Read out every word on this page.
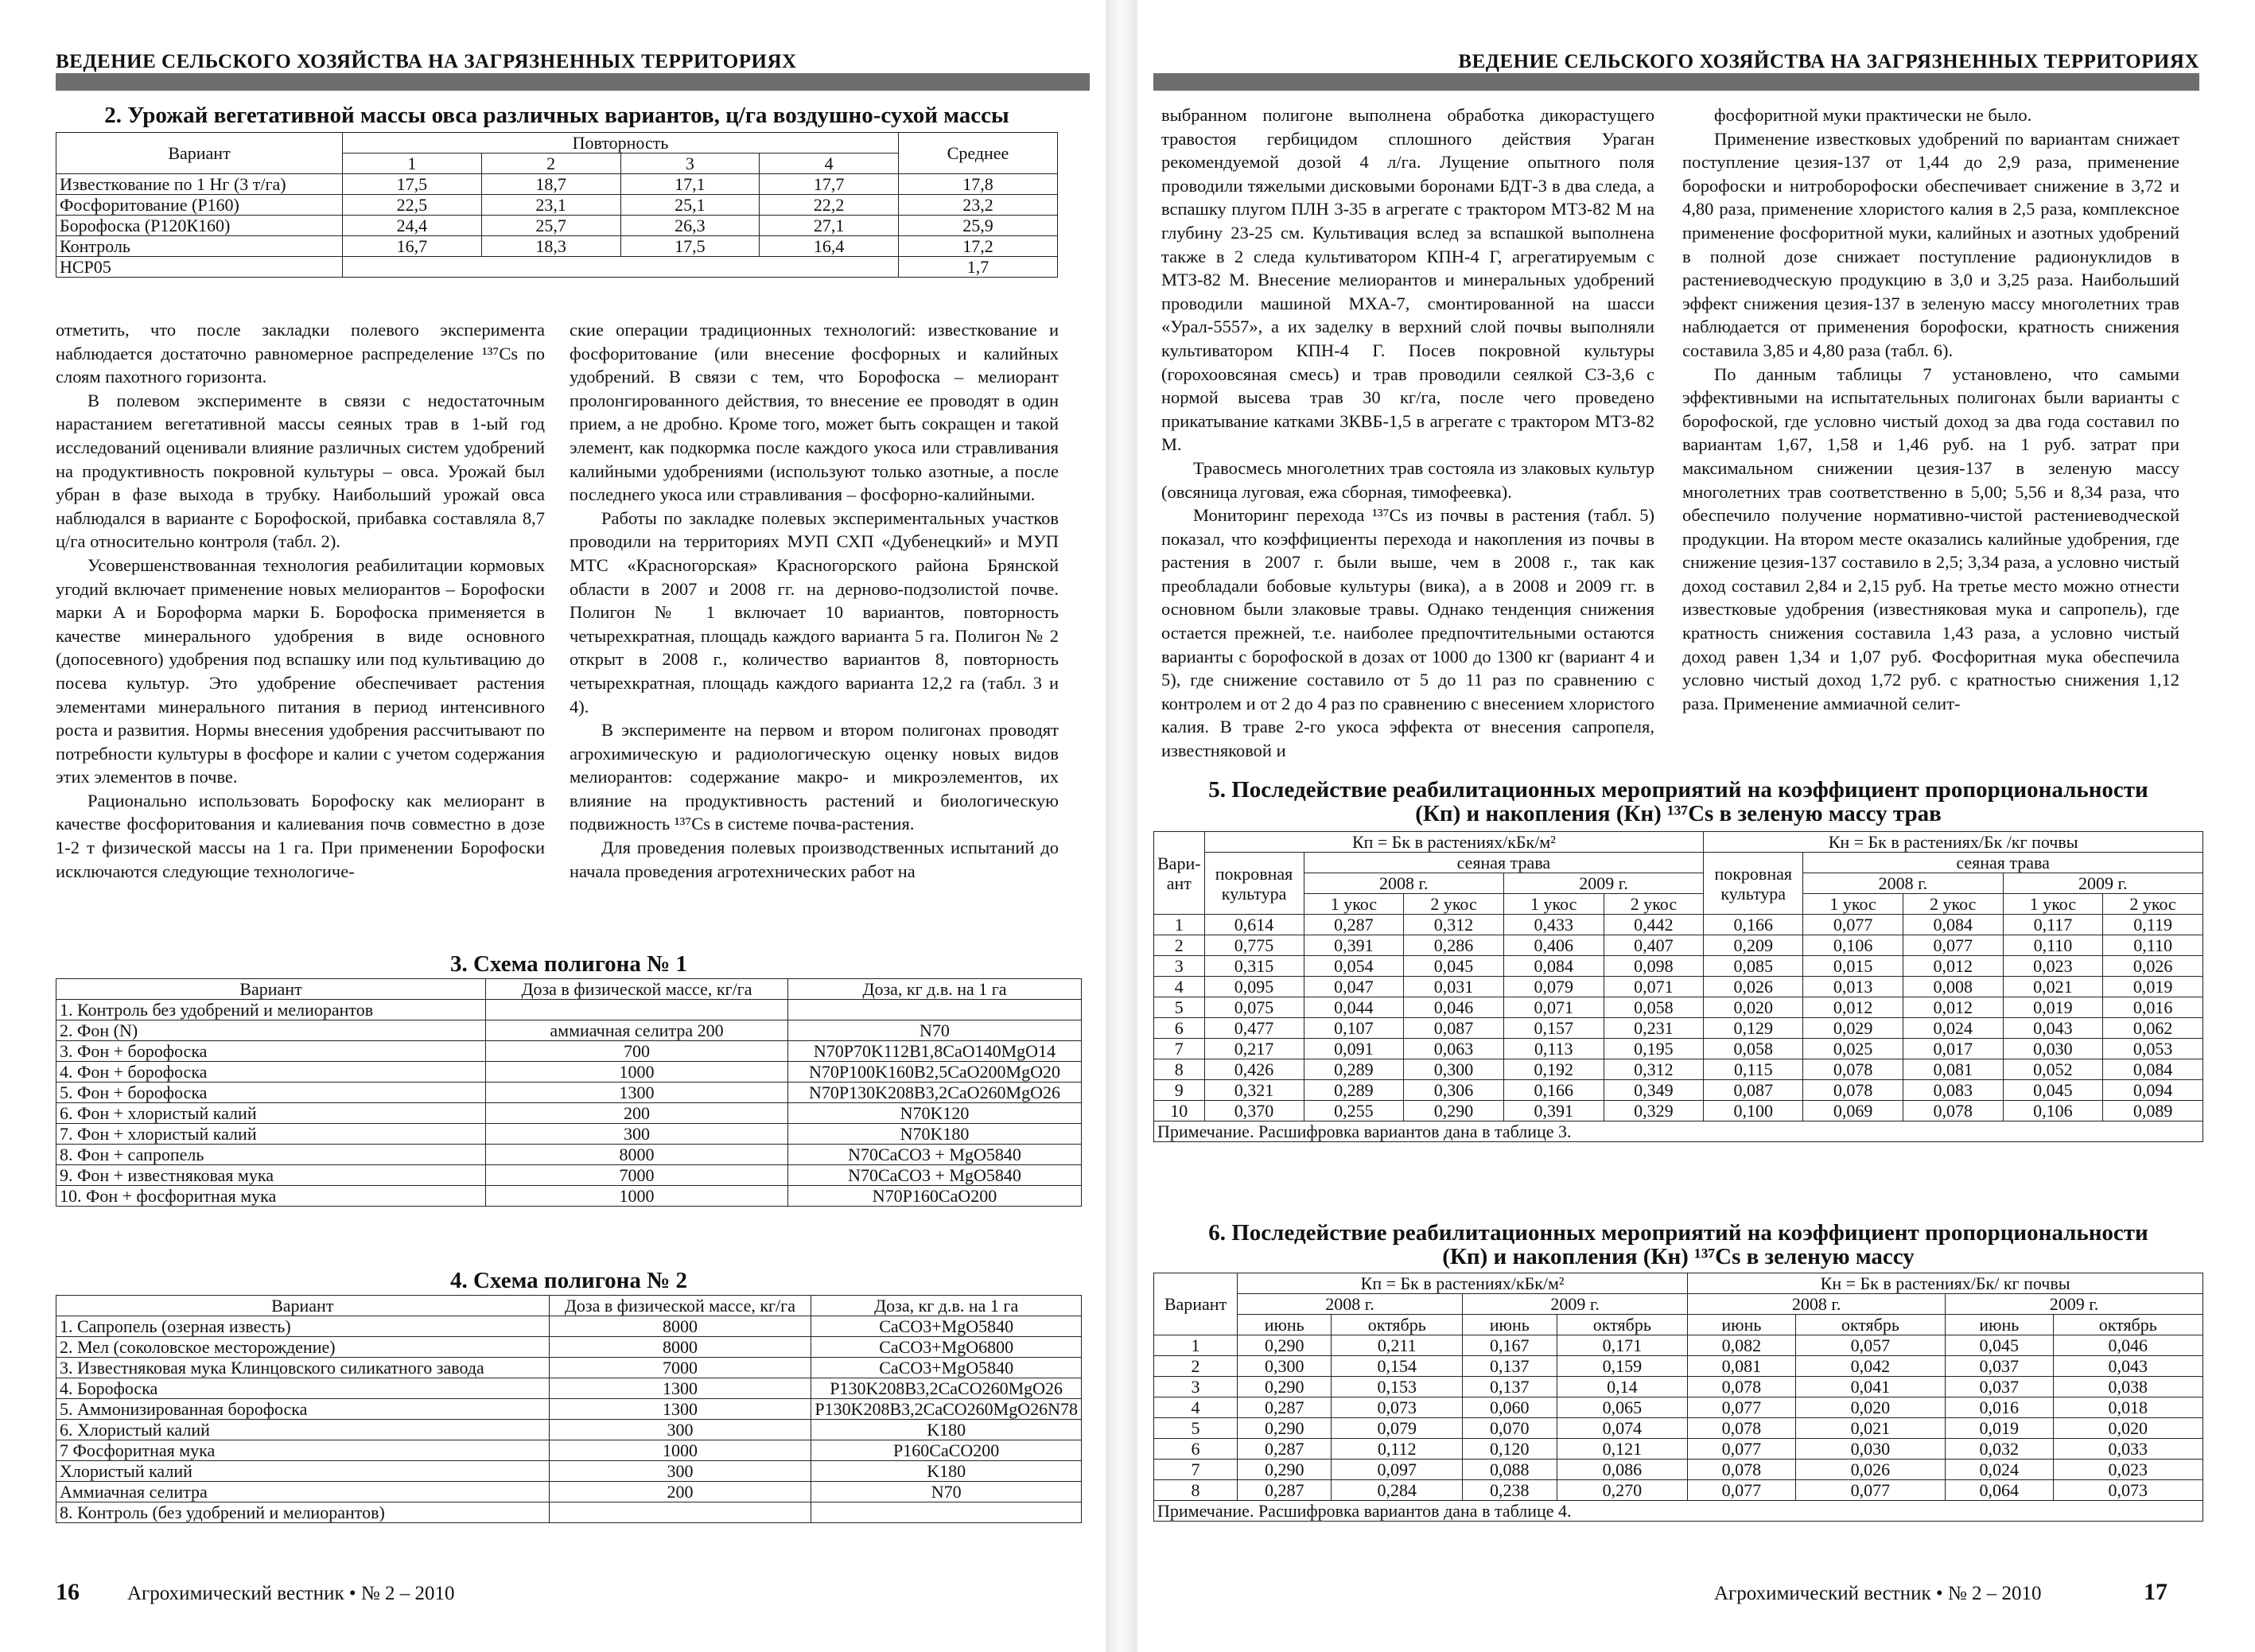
ВЕДЕНИЕ СЕЛЬСКОГО ХОЗЯЙСТВА НА ЗАГРЯЗНЕННЫХ ТЕРРИТОРИЯХ
2. Урожай вегетативной массы овса различных вариантов, ц/га воздушно-сухой массы
Вариант	Повторность				Среднее
	1	2	3	4	
Известкование по 1 Нг (3 т/га)	17,5	18,7	17,1	17,7	17,8
Фосфоритование (Р160)	22,5	23,1	25,1	22,2	23,2
Борофоска (Р120К160)	24,4	25,7	26,3	27,1	25,9
Контроль	16,7	18,3	17,5	16,4	17,2
НСР05					1,7

отметить, что после закладки полевого эксперимента наблюдается достаточно равномерное распределение ¹³⁷Cs по слоям пахотного горизонта.

В полевом эксперименте в связи с недостаточным нарастанием вегетативной массы сеяных трав в 1-ый год исследований оценивали влияние различных систем удобрений на продуктивность покровной культуры – овса. Урожай был убран в фазе выхода в трубку. Наибольший урожай овса наблюдался в варианте с Борофоской, прибавка составляла 8,7 ц/га относительно контроля (табл. 2).

Усовершенствованная технология реабилитации кормовых угодий включает применение новых мелиорантов – Борофоски марки А и Бороформа марки Б. Борофоска применяется в качестве минерального удобрения в виде основного (допосевного) удобрения под вспашку или под культивацию до посева культур. Это удобрение обеспечивает растения элементами минерального питания в период интенсивного роста и развития. Нормы внесения удобрения рассчитывают по потребности культуры в фосфоре и калии с учетом содержания этих элементов в почве.

Рационально использовать Борофоску как мелиорант в качестве фосфоритования и калиевания почв совместно в дозе 1-2 т физической массы на 1 га. При применении Борофоски исключаются следующие технологиче-

ские операции традиционных технологий: известкование и фосфоритование (или внесение фосфорных и калийных удобрений. В связи с тем, что Борофоска – мелиорант пролонгированного действия, то внесение ее проводят в один прием, а не дробно. Кроме того, может быть сокращен и такой элемент, как подкормка после каждого укоса или стравливания калийными удобрениями (используют только азотные, а после последнего укоса или стравливания – фосфорно-калийными.

Работы по закладке полевых экспериментальных участков проводили на территориях МУП СХП «Дубенецкий» и МУП МТС «Красногорская» Красногорского района Брянской области в 2007 и 2008 гг. на дерново-подзолистой почве. Полигон № 1 включает 10 вариантов, повторность четырехкратная, площадь каждого варианта 5 га. Полигон № 2 открыт в 2008 г., количество вариантов 8, повторность четырехкратная, площадь каждого варианта 12,2 га (табл. 3 и 4).

В эксперименте на первом и втором полигонах проводят агрохимическую и радиологическую оценку новых видов мелиорантов: содержание макро- и микроэлементов, их влияние на продуктивность растений и биологическую подвижность ¹³⁷Cs в системе почва-растения.

Для проведения полевых производственных испытаний до начала проведения агротехнических работ на

3. Схема полигона № 1
Вариант	Доза в физической массе, кг/га	Доза, кг д.в. на 1 га
1. Контроль без удобрений и мелиорантов		
2. Фон (N)	аммиачная селитра 200	N70
3. Фон + борофоска	700	N70P70K112B1,8CaO140MgO14
4. Фон + борофоска	1000	N70P100K160B2,5CaO200MgO20
5. Фон + борофоска	1300	N70P130K208B3,2CaO260MgO26
6. Фон + хлористый калий	200	N70K120
7. Фон + хлористый калий	300	N70K180
8. Фон + сапропель	8000	N70CaCO3 + MgO5840
9. Фон + известняковая мука	7000	N70CaCO3 + MgO5840
10. Фон + фосфоритная мука	1000	N70P160CaO200
4. Схема полигона № 2
Вариант	Доза в физической массе, кг/га	Доза, кг д.в. на 1 га
1. Сапропель (озерная известь)	8000	CaCO3+MgO5840
2. Мел (соколовское месторождение)	8000	CaCO3+MgO6800
3. Известняковая мука Клинцовского силикатного завода	7000	CaCO3+MgO5840
4. Борофоска	1300	P130K208B3,2CaCO260MgO26
5. Аммонизированная борофоска	1300	P130K208B3,2CaCO260MgO26N78
6. Хлористый калий	300	K180
7 Фосфоритная мука	1000	P160CaCO200
Хлористый калий	300	K180
Аммиачная селитра	200	N70
8. Контроль (без удобрений и мелиорантов)		
16 Агрохимический вестник • № 2 – 2010
ВЕДЕНИЕ СЕЛЬСКОГО ХОЗЯЙСТВА НА ЗАГРЯЗНЕННЫХ ТЕРРИТОРИЯХ

выбранном полигоне выполнена обработка дикорастущего травостоя гербицидом сплошного действия Ураган рекомендуемой дозой 4 л/га. Лущение опытного поля проводили тяжелыми дисковыми боронами БДТ-3 в два следа, а вспашку плугом ПЛН 3-35 в агрегате с трактором МТЗ-82 М на глубину 23-25 см. Культивация вслед за вспашкой выполнена также в 2 следа культиватором КПН-4 Г, агрегатируемым с МТЗ-82 М. Внесение мелиорантов и минеральных удобрений проводили машиной МХА-7, смонтированной на шасси «Урал-5557», а их заделку в верхний слой почвы выполняли культиватором КПН-4 Г. Посев покровной культуры (горохоовсяная смесь) и трав проводили сеялкой СЗ-3,6 с нормой высева трав 30 кг/га, после чего проведено прикатывание катками 3КВБ-1,5 в агрегате с трактором МТЗ-82 М.

Травосмесь многолетних трав состояла из злаковых культур (овсяница луговая, ежа сборная, тимофеевка).

Мониторинг перехода ¹³⁷Cs из почвы в растения (табл. 5) показал, что коэффициенты перехода и накопления из почвы в растения в 2007 г. были выше, чем в 2008 г., так как преобладали бобовые культуры (вика), а в 2008 и 2009 гг. в основном были злаковые травы. Однако тенденция снижения остается прежней, т.е. наиболее предпочтительными остаются варианты с борофоской в дозах от 1000 до 1300 кг (вариант 4 и 5), где снижение составило от 5 до 11 раз по сравнению с контролем и от 2 до 4 раз по сравнению с внесением хлористого калия. В траве 2-го укоса эффекта от внесения сапропеля, известняковой и

фосфоритной муки практически не было.

Применение известковых удобрений по вариантам снижает поступление цезия-137 от 1,44 до 2,9 раза, применение борофоски и нитроборофоски обеспечивает снижение в 3,72 и 4,80 раза, применение хлористого калия в 2,5 раза, комплексное применение фосфоритной муки, калийных и азотных удобрений в полной дозе снижает поступление радионуклидов в растениеводческую продукцию в 3,0 и 3,25 раза. Наибольший эффект снижения цезия-137 в зеленую массу многолетних трав наблюдается от применения борофоски, кратность снижения составила 3,85 и 4,80 раза (табл. 6).

По данным таблицы 7 установлено, что самыми эффективными на испытательных полигонах были варианты с борофоской, где условно чистый доход за два года составил по вариантам 1,67, 1,58 и 1,46 руб. на 1 руб. затрат при максимальном снижении цезия-137 в зеленую массу многолетних трав соответственно в 5,00; 5,56 и 8,34 раза, что обеспечило получение нормативно-чистой растениеводческой продукции. На втором месте оказались калийные удобрения, где снижение цезия-137 составило в 2,5; 3,34 раза, а условно чистый доход составил 2,84 и 2,15 руб. На третье место можно отнести известковые удобрения (известняковая мука и сапропель), где кратность снижения составила 1,43 раза, а условно чистый доход равен 1,34 и 1,07 руб. Фосфоритная мука обеспечила условно чистый доход 1,72 руб. с кратностью снижения 1,12 раза. Применение аммиачной селит-

5. Последействие реабилитационных мероприятий на коэффициент пропорциональности
(Кп) и накопления (Кн) ¹³⁷Cs в зеленую массу трав
Вари-ант	Кп = Бк в растениях/кБк/м²					Кн = Бк в растениях/Бк /кг почвы				
	покровная культура	сеяная трава				покровная культура	сеяная трава			
		2008 г.		2009 г.			2008 г.		2009 г.	
		1 укос	2 укос	1 укос	2 укос		1 укос	2 укос	1 укос	2 укос
1	0,614	0,287	0,312	0,433	0,442	0,166	0,077	0,084	0,117	0,119
2	0,775	0,391	0,286	0,406	0,407	0,209	0,106	0,077	0,110	0,110
3	0,315	0,054	0,045	0,084	0,098	0,085	0,015	0,012	0,023	0,026
4	0,095	0,047	0,031	0,079	0,071	0,026	0,013	0,008	0,021	0,019
5	0,075	0,044	0,046	0,071	0,058	0,020	0,012	0,012	0,019	0,016
6	0,477	0,107	0,087	0,157	0,231	0,129	0,029	0,024	0,043	0,062
7	0,217	0,091	0,063	0,113	0,195	0,058	0,025	0,017	0,030	0,053
8	0,426	0,289	0,300	0,192	0,312	0,115	0,078	0,081	0,052	0,084
9	0,321	0,289	0,306	0,166	0,349	0,087	0,078	0,083	0,045	0,094
10	0,370	0,255	0,290	0,391	0,329	0,100	0,069	0,078	0,106	0,089
Примечание. Расшифровка вариантов дана в таблице 3.										
6. Последействие реабилитационных мероприятий на коэффициент пропорциональности
(Кп) и накопления (Кн) ¹³⁷Cs в зеленую массу
Вариант	Кп = Бк в растениях/кБк/м²				Кн = Бк в растениях/Бк/ кг почвы			
	2008 г.		2009 г.		2008 г.		2009 г.	
	июнь	октябрь	июнь	октябрь	июнь	октябрь	июнь	октябрь
1	0,290	0,211	0,167	0,171	0,082	0,057	0,045	0,046
2	0,300	0,154	0,137	0,159	0,081	0,042	0,037	0,043
3	0,290	0,153	0,137	0,14	0,078	0,041	0,037	0,038
4	0,287	0,073	0,060	0,065	0,077	0,020	0,016	0,018
5	0,290	0,079	0,070	0,074	0,078	0,021	0,019	0,020
6	0,287	0,112	0,120	0,121	0,077	0,030	0,032	0,033
7	0,290	0,097	0,088	0,086	0,078	0,026	0,024	0,023
8	0,287	0,284	0,238	0,270	0,077	0,077	0,064	0,073
Примечание. Расшифровка вариантов дана в таблице 4.								
Агрохимический вестник • № 2 – 2010	17
